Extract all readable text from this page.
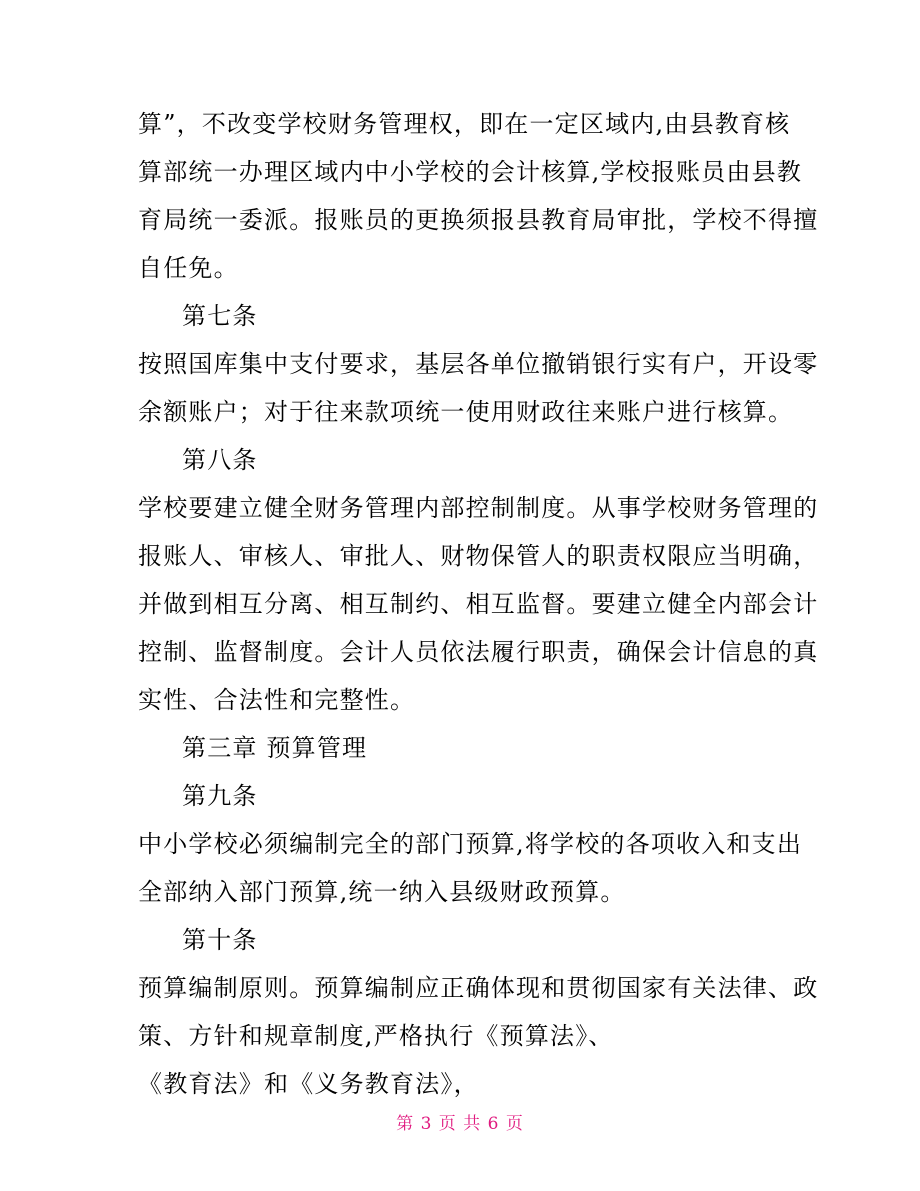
算”，不改变学校财务管理权，即在一定区域内,由县教育核
算部统一办理区域内中小学校的会计核算,学校报账员由县教
育局统一委派。报账员的更换须报县教育局审批，学校不得擅
自任免。
第七条
按照国库集中支付要求，基层各单位撤销银行实有户，开设零
余额账户；对于往来款项统一使用财政往来账户进行核算。
第八条
学校要建立健全财务管理内部控制制度。从事学校财务管理的
报账人、审核人、审批人、财物保管人的职责权限应当明确，
并做到相互分离、相互制约、相互监督。要建立健全内部会计
控制、监督制度。会计人员依法履行职责，确保会计信息的真
实性、合法性和完整性。
第三章 预算管理
第九条
中小学校必须编制完全的部门预算,将学校的各项收入和支出
全部纳入部门预算,统一纳入县级财政预算。
第十条
预算编制原则。预算编制应正确体现和贯彻国家有关法律、政
策、方针和规章制度,严格执行《预算法》、
《教育法》和《义务教育法》，
第 3 页 共 6 页
